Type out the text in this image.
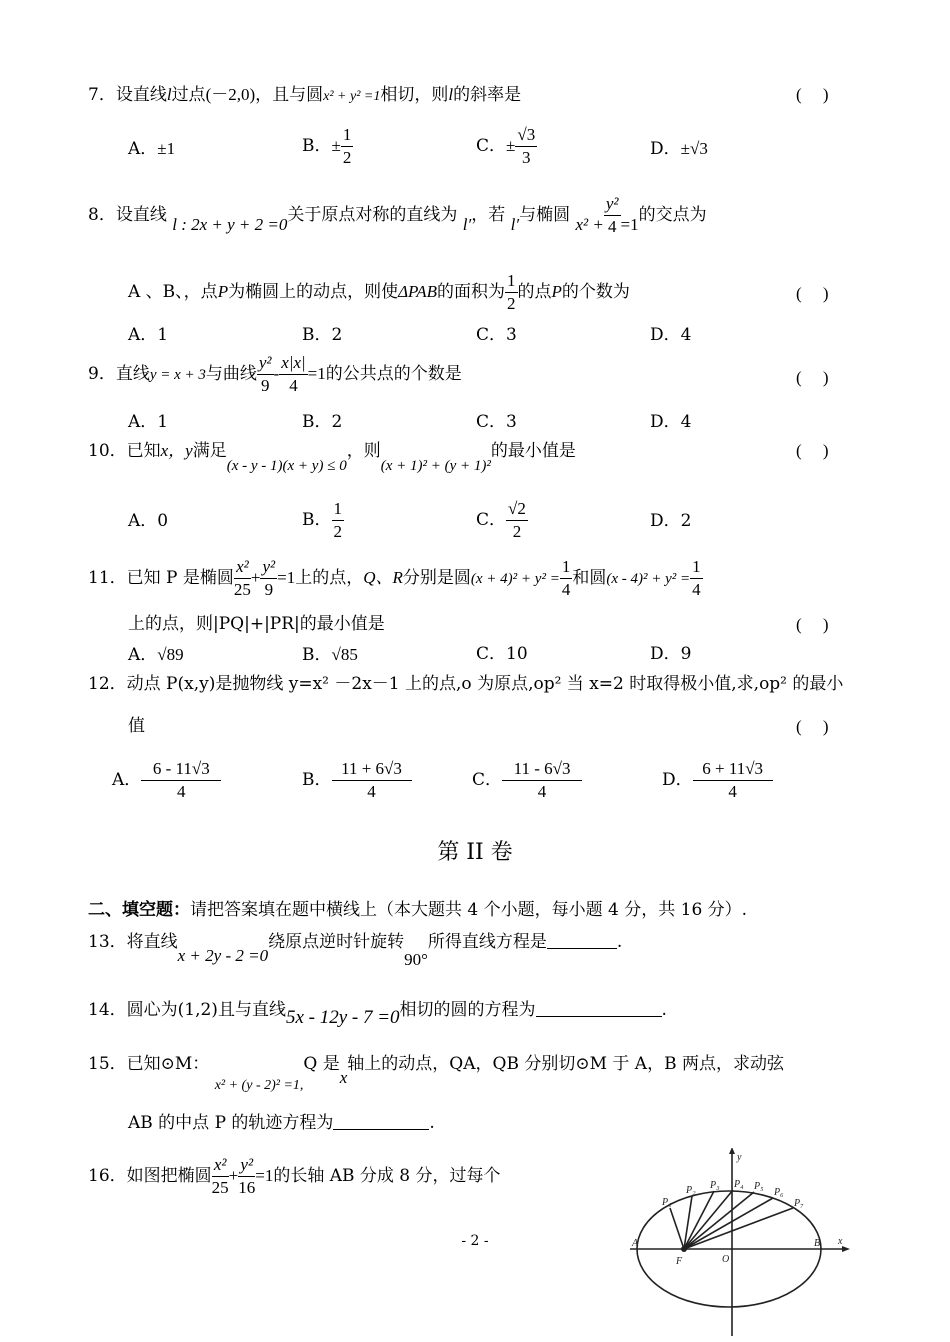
7．设直线l过点(－2,0)，且与圆x² + y² =1相切，则l的斜率是	(　 )
A．±1	B．± $\frac{1}{2}$	C．± $\frac{√3}{3}$	D．±√3
8．设直线 l : 2x + y + 2 =0关于原点对称的直线为 l′，若 l′与椭圆 $x^2 + \frac{\text{y²}}{4} =1$的交点为
A 、B、，点P为椭圆上的动点，则使ΔPAB的面积为 $\frac{1}{2}$ 的点P的个数为	(　 )
A．1	B．2	C．3	D．4
9．直线y = x + 3与曲线 $\frac{\text{y²}}{9} - \frac{x|x|}{4} =1$的公共点的个数是	(　 )
A．1	B．2	C．3	D．4
10．已知x，y满足(x - y - 1)(x + y) ≤ 0，则(x + 1)² + (y + 1)²的最小值是	(　 )
A．0	B． $\frac{1}{2}$	C． $\frac{√2}{2}$	D．2
11．已知 P 是椭圆 $\frac{\text{x²}}{25} + \frac{\text{y²}}{9} =1$上的点，Q、R分别是圆$(x + 4)^2 + y^2 = \frac{1}{4}$ 和圆$(x - 4)^2 + y^2 = \frac{1}{4}$
上的点，则|PQ|+|PR|的最小值是	(　 )
A．√89	B．√85	C．10	D．9
12．动点 P(x,y)是抛物线 y=x² －2x－1 上的点,o 为原点,op² 当 x=2 时取得极小值,求,op² 的最小
值	(　 )
A． $\frac{6 - 11√3}{4}$	B． $\frac{11 + 6√3}{4}$	C． $\frac{11 - 6√3}{4}$	D． $\frac{6 + 11√3}{4}$
第 II 卷
二、填空题：请把答案填在题中横线上（本大题共 4 个小题，每小题 4 分，共 16 分）.
13．将直线x + 2y - 2 =0绕原点逆时针旋转90°所得直线方程是	.
14．圆心为(1,2)且与直线5x - 12y - 7 =0相切的圆的方程为	.
15．已知⊙M： $_{x^2 + (y - 2)^2 =1,}$Q 是x轴上的动点，QA，QB 分别切⊙M 于 A，B 两点，求动弦
AB 的中点 P 的轨迹方程为	.
16．如图把椭圆 $\frac{\text{x²}}{25} + \frac{\text{y²}}{16} =1$的长轴 AB 分成 8 分，过每个
y
x
A	B
F	O
P₁
P₂ P₃ P₄ P₅
P₆
P₇
- 2 -
